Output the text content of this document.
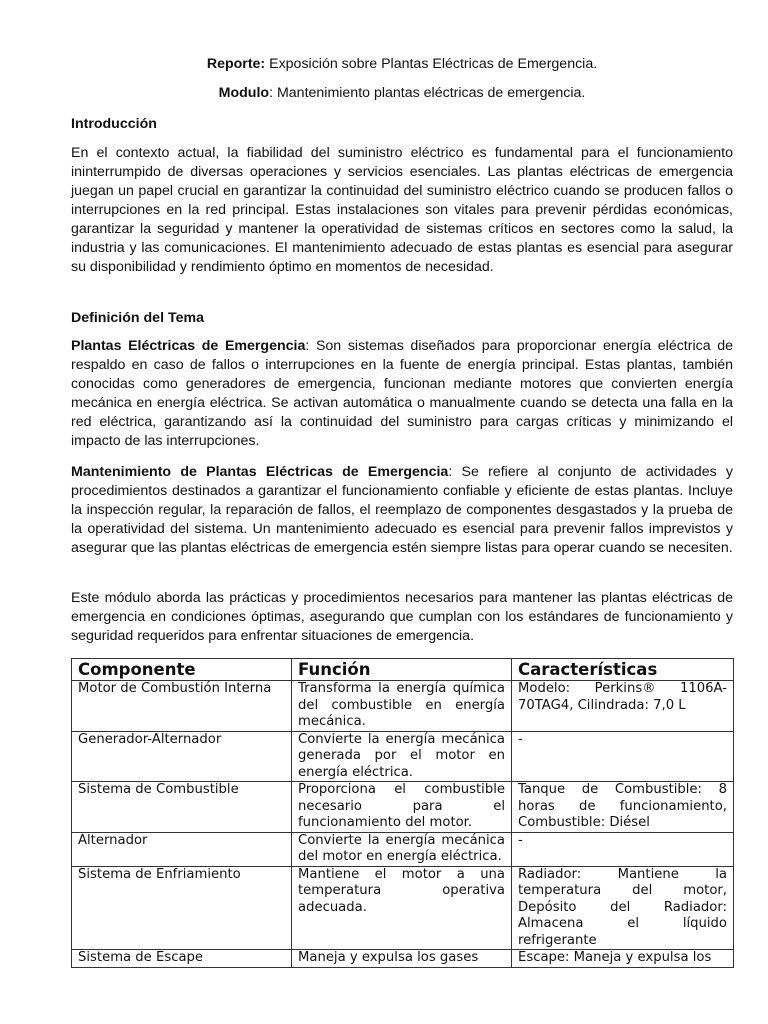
Reporte: Exposición sobre Plantas Eléctricas de Emergencia.
Modulo: Mantenimiento plantas eléctricas de emergencia.
Introducción
En el contexto actual, la fiabilidad del suministro eléctrico es fundamental para el funcionamiento ininterrumpido de diversas operaciones y servicios esenciales. Las plantas eléctricas de emergencia juegan un papel crucial en garantizar la continuidad del suministro eléctrico cuando se producen fallos o interrupciones en la red principal. Estas instalaciones son vitales para prevenir pérdidas económicas, garantizar la seguridad y mantener la operatividad de sistemas críticos en sectores como la salud, la industria y las comunicaciones. El mantenimiento adecuado de estas plantas es esencial para asegurar su disponibilidad y rendimiento óptimo en momentos de necesidad.
Definición del Tema
Plantas Eléctricas de Emergencia: Son sistemas diseñados para proporcionar energía eléctrica de respaldo en caso de fallos o interrupciones en la fuente de energía principal. Estas plantas, también conocidas como generadores de emergencia, funcionan mediante motores que convierten energía mecánica en energía eléctrica. Se activan automática o manualmente cuando se detecta una falla en la red eléctrica, garantizando así la continuidad del suministro para cargas críticas y minimizando el impacto de las interrupciones.
Mantenimiento de Plantas Eléctricas de Emergencia: Se refiere al conjunto de actividades y procedimientos destinados a garantizar el funcionamiento confiable y eficiente de estas plantas. Incluye la inspección regular, la reparación de fallos, el reemplazo de componentes desgastados y la prueba de la operatividad del sistema. Un mantenimiento adecuado es esencial para prevenir fallos imprevistos y asegurar que las plantas eléctricas de emergencia estén siempre listas para operar cuando se necesiten.
Este módulo aborda las prácticas y procedimientos necesarios para mantener las plantas eléctricas de emergencia en condiciones óptimas, asegurando que cumplan con los estándares de funcionamiento y seguridad requeridos para enfrentar situaciones de emergencia.
Componente	Función	Características
Motor de Combustión Interna	Transforma la energía química del combustible en energía mecánica.	Modelo: Perkins® 1106A-70TAG4, Cilindrada: 7,0 L
Generador-Alternador	Convierte la energía mecánica generada por el motor en energía eléctrica.	-
Sistema de Combustible	Proporciona el combustible necesario para el funcionamiento del motor.	Tanque de Combustible: 8 horas de funcionamiento, Combustible: Diésel
Alternador	Convierte la energía mecánica del motor en energía eléctrica.	-
Sistema de Enfriamiento	Mantiene el motor a una temperatura operativa adecuada.	Radiador: Mantiene la temperatura del motor, Depósito del Radiador: Almacena el líquido refrigerante
Sistema de Escape	Maneja y expulsa los gases	Escape: Maneja y expulsa los
